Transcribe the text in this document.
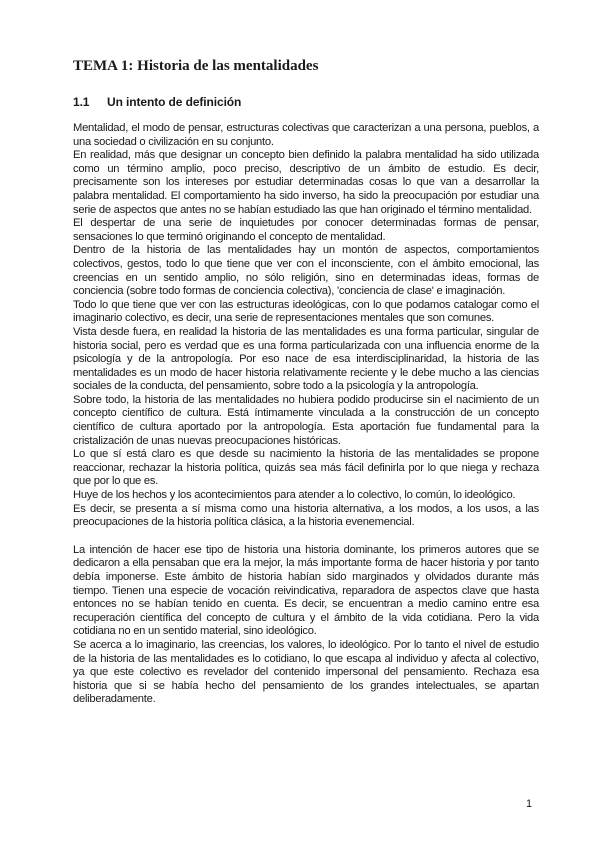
TEMA 1: Historia de las mentalidades
1.1 Un intento de definición

Mentalidad, el modo de pensar, estructuras colectivas que caracterizan a una persona, pueblos, a una sociedad o civilización en su conjunto.

En realidad, más que designar un concepto bien definido la palabra mentalidad ha sido utilizada como un término amplio, poco preciso, descriptivo de un ámbito de estudio. Es decir, precisamente son los intereses por estudiar determinadas cosas lo que van a desarrollar la palabra mentalidad. El comportamiento ha sido inverso, ha sido la preocupación por estudiar una serie de aspectos que antes no se habían estudiado las que han originado el término mentalidad.

El despertar de una serie de inquietudes por conocer determinadas formas de pensar, sensaciones lo que terminó originando el concepto de mentalidad.

Dentro de la historia de las mentalidades hay un montón de aspectos, comportamientos colectivos, gestos, todo lo que tiene que ver con el inconsciente, con el ámbito emocional, las creencias en un sentido amplio, no sólo religión, sino en determinadas ideas, formas de conciencia (sobre todo formas de conciencia colectiva), 'conciencia de clase' e imaginación.

Todo lo que tiene que ver con las estructuras ideológicas, con lo que podamos catalogar como el imaginario colectivo, es decir, una serie de representaciones mentales que son comunes.

Vista desde fuera, en realidad la historia de las mentalidades es una forma particular, singular de historia social, pero es verdad que es una forma particularizada con una influencia enorme de la psicología y de la antropología. Por eso nace de esa interdisciplinaridad, la historia de las mentalidades es un modo de hacer historia relativamente reciente y le debe mucho a las ciencias sociales de la conducta, del pensamiento, sobre todo a la psicología y la antropología.

Sobre todo, la historia de las mentalidades no hubiera podido producirse sin el nacimiento de un concepto científico de cultura. Está íntimamente vinculada a la construcción de un concepto científico de cultura aportado por la antropología. Esta aportación fue fundamental para la cristalización de unas nuevas preocupaciones históricas.

Lo que sí está claro es que desde su nacimiento la historia de las mentalidades se propone reaccionar, rechazar la historia política, quizás sea más fácil definirla por lo que niega y rechaza que por lo que es.

Huye de los hechos y los acontecimientos para atender a lo colectivo, lo común, lo ideológico.

Es decir, se presenta a sí misma como una historia alternativa, a los modos, a los usos, a las preocupaciones de la historia política clásica, a la historia evenemencial.

La intención de hacer ese tipo de historia una historia dominante, los primeros autores que se dedicaron a ella pensaban que era la mejor, la más importante forma de hacer historia y por tanto debía imponerse. Este ámbito de historia habían sido marginados y olvidados durante más tiempo. Tienen una especie de vocación reivindicativa, reparadora de aspectos clave que hasta entonces no se habían tenido en cuenta. Es decir, se encuentran a medio camino entre esa recuperación científica del concepto de cultura y el ámbito de la vida cotidiana. Pero la vida cotidiana no en un sentido material, sino ideológico.

Se acerca a lo imaginario, las creencias, los valores, lo ideológico. Por lo tanto el nivel de estudio de la historia de las mentalidades es lo cotidiano, lo que escapa al individuo y afecta al colectivo, ya que este colectivo es revelador del contenido impersonal del pensamiento. Rechaza esa historia que si se había hecho del pensamiento de los grandes intelectuales, se apartan deliberadamente.

1
